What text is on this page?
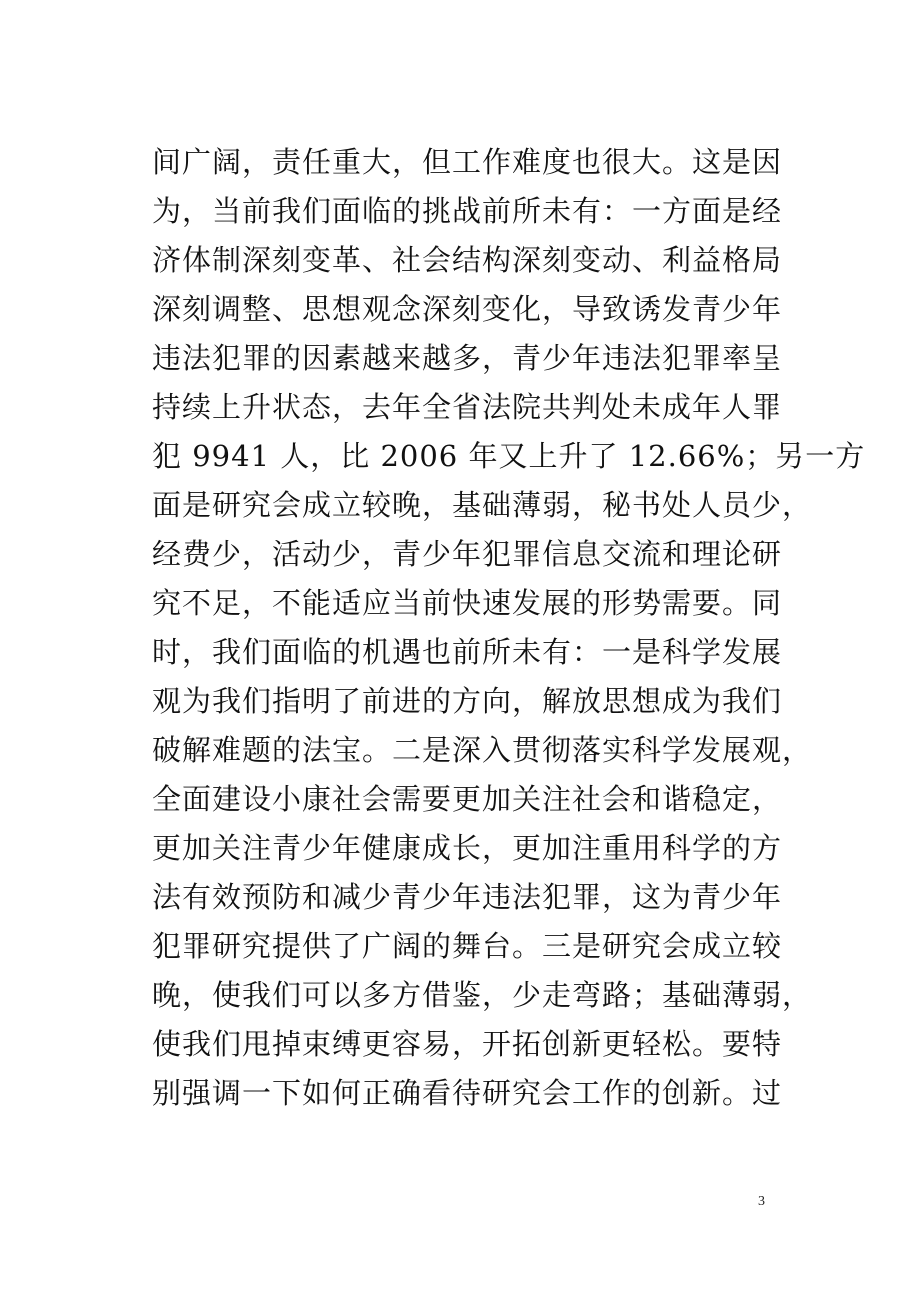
间广阔，责任重大，但工作难度也很大。这是因
为，当前我们面临的挑战前所未有：一方面是经
济体制深刻变革、社会结构深刻变动、利益格局
深刻调整、思想观念深刻变化，导致诱发青少年
违法犯罪的因素越来越多，青少年违法犯罪率呈
持续上升状态，去年全省法院共判处未成年人罪
犯 9941 人，比 2006 年又上升了 12.66%；另一方
面是研究会成立较晚，基础薄弱，秘书处人员少，
经费少，活动少，青少年犯罪信息交流和理论研
究不足，不能适应当前快速发展的形势需要。同
时，我们面临的机遇也前所未有：一是科学发展
观为我们指明了前进的方向，解放思想成为我们
破解难题的法宝。二是深入贯彻落实科学发展观，
全面建设小康社会需要更加关注社会和谐稳定，
更加关注青少年健康成长，更加注重用科学的方
法有效预防和减少青少年违法犯罪，这为青少年
犯罪研究提供了广阔的舞台。三是研究会成立较
晚，使我们可以多方借鉴，少走弯路；基础薄弱，
使我们甩掉束缚更容易，开拓创新更轻松。要特
别强调一下如何正确看待研究会工作的创新。过
3
